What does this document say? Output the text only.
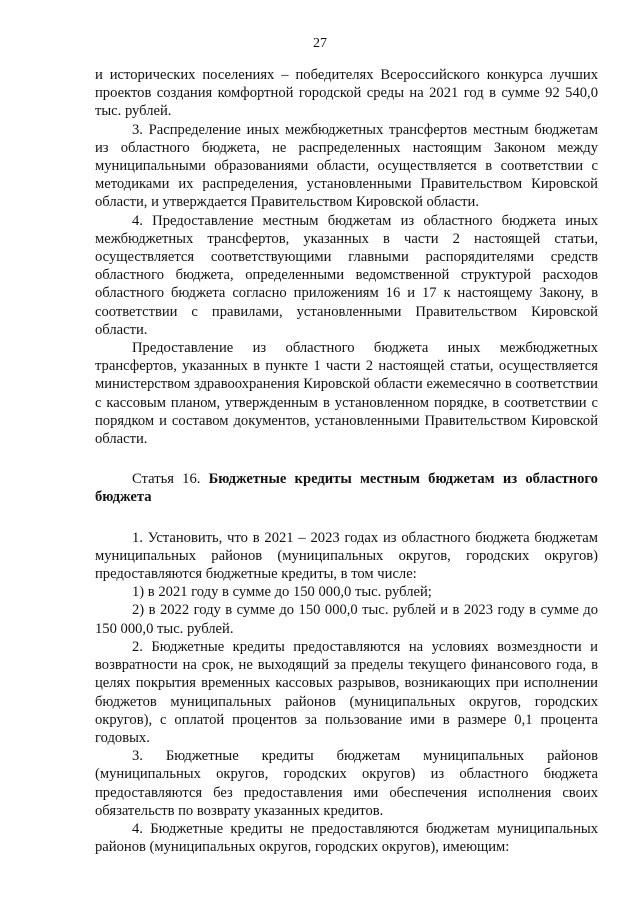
27

и исторических поселениях – победителях Всероссийского конкурса лучших проектов создания комфортной городской среды на 2021 год в сумме 92 540,0 тыс. рублей.

3. Распределение иных межбюджетных трансфертов местным бюджетам из областного бюджета, не распределенных настоящим Законом между муниципальными образованиями области, осуществляется в соответствии с методиками их распределения, установленными Правительством Кировской области, и утверждается Правительством Кировской области.

4. Предоставление местным бюджетам из областного бюджета иных межбюджетных трансфертов, указанных в части 2 настоящей статьи, осуществляется соответствующими главными распорядителями средств областного бюджета, определенными ведомственной структурой расходов областного бюджета согласно приложениям 16 и 17 к настоящему Закону, в соответствии с правилами, установленными Правительством Кировской области.

Предоставление из областного бюджета иных межбюджетных трансфертов, указанных в пункте 1 части 2 настоящей статьи, осуществляется министерством здравоохранения Кировской области ежемесячно в соответствии с кассовым планом, утвержденным в установленном порядке, в соответствии с порядком и составом документов, установленными Правительством Кировской области.

Статья 16. Бюджетные кредиты местным бюджетам из областного бюджета

1. Установить, что в 2021 – 2023 годах из областного бюджета бюджетам муниципальных районов (муниципальных округов, городских округов) предоставляются бюджетные кредиты, в том числе:

1) в 2021 году в сумме до 150 000,0 тыс. рублей;

2) в 2022 году в сумме до 150 000,0 тыс. рублей и в 2023 году в сумме до 150 000,0 тыс. рублей.

2. Бюджетные кредиты предоставляются на условиях возмездности и возвратности на срок, не выходящий за пределы текущего финансового года, в целях покрытия временных кассовых разрывов, возникающих при исполнении бюджетов муниципальных районов (муниципальных округов, городских округов), с оплатой процентов за пользование ими в размере 0,1 процента годовых.

3. Бюджетные кредиты бюджетам муниципальных районов (муниципальных округов, городских округов) из областного бюджета предоставляются без предоставления ими обеспечения исполнения своих обязательств по возврату указанных кредитов.

4. Бюджетные кредиты не предоставляются бюджетам муниципальных районов (муниципальных округов, городских округов), имеющим:
